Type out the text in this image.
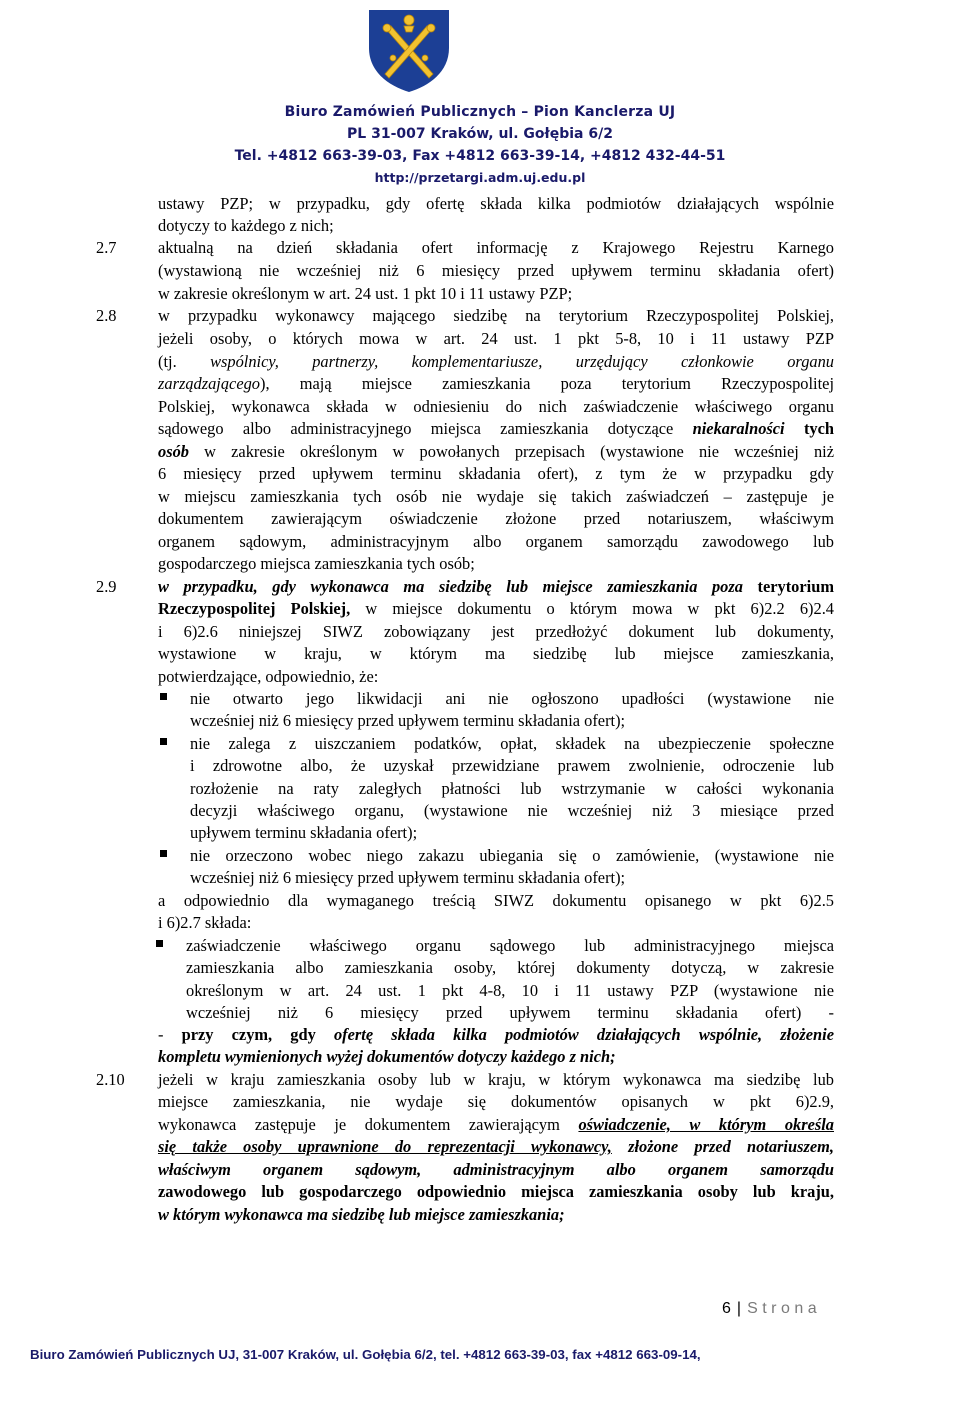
Biuro Zamówień Publicznych – Pion Kanclerza UJ
PL 31-007 Kraków, ul. Gołębia 6/2
Tel. +4812 663-39-03, Fax +4812 663-39-14, +4812 432-44-51
http://przetargi.adm.uj.edu.pl
ustawy PZP; w przypadku, gdy ofertę składa kilka podmiotów działających wspólnie
dotyczy to każdego z nich;
2.7	aktualną na dzień składania ofert informację z Krajowego Rejestru Karnego
(wystawioną nie wcześniej niż 6 miesięcy przed upływem terminu składania ofert)
w zakresie określonym w art. 24 ust. 1 pkt 10 i 11 ustawy PZP;
2.8	w przypadku wykonawcy mającego siedzibę na terytorium Rzeczypospolitej Polskiej,
jeżeli osoby, o których mowa w art. 24 ust. 1 pkt 5-8, 10 i 11 ustawy PZP
(tj. wspólnicy, partnerzy, komplementariusze, urzędujący członkowie organu
zarządzającego), mają miejsce zamieszkania poza terytorium Rzeczypospolitej
Polskiej, wykonawca składa w odniesieniu do nich zaświadczenie właściwego organu
sądowego albo administracyjnego miejsca zamieszkania dotyczące niekaralności tych
osób w zakresie określonym w powołanych przepisach (wystawione nie wcześniej niż
6 miesięcy przed upływem terminu składania ofert), z tym że w przypadku gdy
w miejscu zamieszkania tych osób nie wydaje się takich zaświadczeń – zastępuje je
dokumentem zawierającym oświadczenie złożone przed notariuszem, właściwym
organem sądowym, administracyjnym albo organem samorządu zawodowego lub
gospodarczego miejsca zamieszkania tych osób;
2.9	w przypadku, gdy wykonawca ma siedzibę lub miejsce zamieszkania poza terytorium
Rzeczypospolitej Polskiej, w miejsce dokumentu o którym mowa w pkt 6)2.2 6)2.4
i 6)2.6 niniejszej SIWZ zobowiązany jest przedłożyć dokument lub dokumenty,
wystawione w kraju, w którym ma siedzibę lub miejsce zamieszkania,
potwierdzające, odpowiednio, że:
nie otwarto jego likwidacji ani nie ogłoszono upadłości (wystawione nie
wcześniej niż 6 miesięcy przed upływem terminu składania ofert);
nie zalega z uiszczaniem podatków, opłat, składek na ubezpieczenie społeczne
i zdrowotne albo, że uzyskał przewidziane prawem zwolnienie, odroczenie lub
rozłożenie na raty zaległych płatności lub wstrzymanie w całości wykonania
decyzji właściwego organu, (wystawione nie wcześniej niż 3 miesiące przed
upływem terminu składania ofert);
nie orzeczono wobec niego zakazu ubiegania się o zamówienie, (wystawione nie
wcześniej niż 6 miesięcy przed upływem terminu składania ofert);
a odpowiednio dla wymaganego treścią SIWZ dokumentu opisanego w pkt 6)2.5
i 6)2.7 składa:
zaświadczenie właściwego organu sądowego lub administracyjnego miejsca
zamieszkania albo zamieszkania osoby, której dokumenty dotyczą, w zakresie
określonym w art. 24 ust. 1 pkt 4-8, 10 i 11 ustawy PZP (wystawione nie
wcześniej niż 6 miesięcy przed upływem terminu składania ofert) -
- przy czym, gdy ofertę składa kilka podmiotów działających wspólnie, złożenie
kompletu wymienionych wyżej dokumentów dotyczy każdego z nich;
2.10 jeżeli w kraju zamieszkania osoby lub w kraju, w którym wykonawca ma siedzibę lub
miejsce zamieszkania, nie wydaje się dokumentów opisanych w pkt 6)2.9,
wykonawca zastępuje je dokumentem zawierającym oświadczenie, w którym określa
się także osoby uprawnione do reprezentacji wykonawcy, złożone przed notariuszem,
właściwym organem sądowym, administracyjnym albo organem samorządu
zawodowego lub gospodarczego odpowiednio miejsca zamieszkania osoby lub kraju,
w którym wykonawca ma siedzibę lub miejsce zamieszkania;
6 | Strona
Biuro Zamówień Publicznych UJ, 31-007 Kraków, ul. Gołębia 6/2, tel. +4812 663-39-03, fax +4812 663-09-14,
